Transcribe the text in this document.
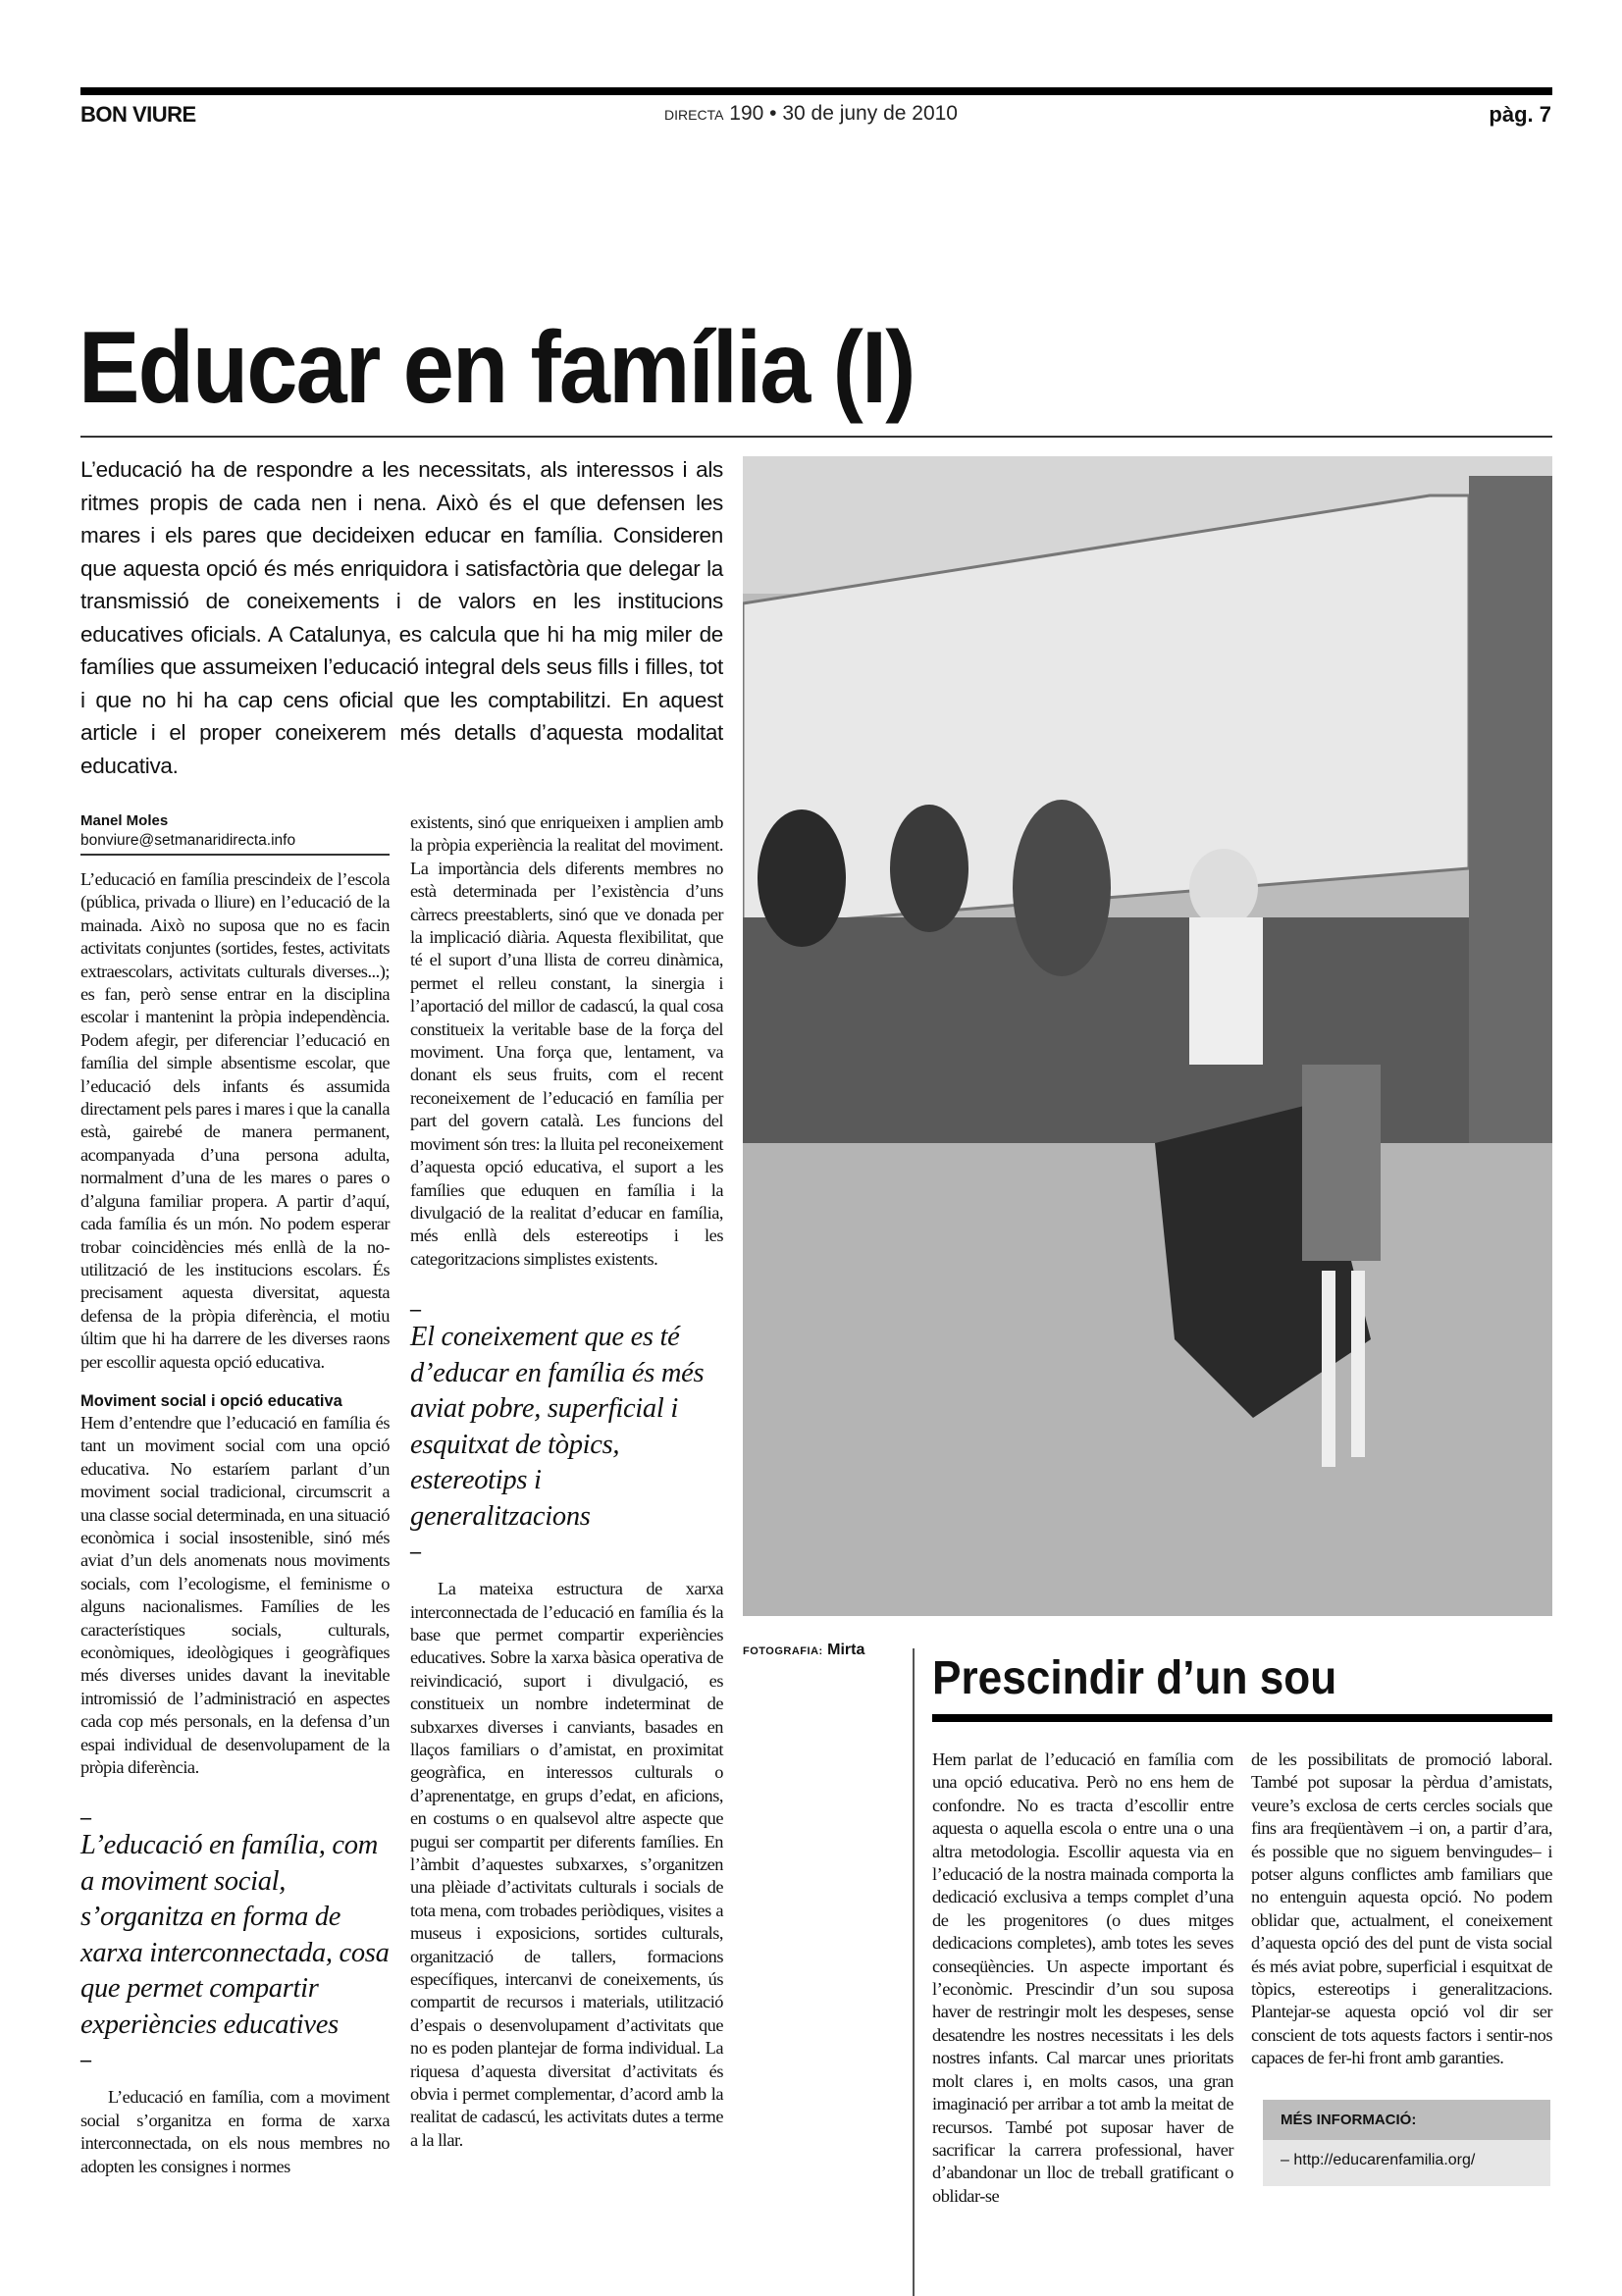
BON VIURE	DIRECTA 190 • 30 de juny de 2010	pàg. 7
Educar en família (I)
L’educació ha de respondre a les necessitats, als interessos i als ritmes propis de cada nen i nena. Això és el que defensen les mares i els pares que decideixen educar en família. Consideren que aquesta opció és més enriquidora i satisfactòria que delegar la transmissió de coneixements i de valors en les institucions educatives oficials. A Catalunya, es calcula que hi ha mig miler de famílies que assumeixen l’educació integral dels seus fills i filles, tot i que no hi ha cap cens oficial que les comptabilitzi. En aquest article i el proper coneixerem més detalls d’aquesta modalitat educativa.
Manel Moles
bonviure@setmanaridirecta.info
L’educació en família prescindeix de l’escola (pública, privada o lliure) en l’educació de la mainada. Això no suposa que no es facin activitats conjuntes (sortides, festes, activitats extraescolars, activitats culturals diverses...); es fan, però sense entrar en la disciplina escolar i mantenint la pròpia independència. Podem afegir, per diferenciar l’educació en família del simple absentisme escolar, que l’educació dels infants és assumida directament pels pares i mares i que la canalla està, gairebé de manera permanent, acompanyada d’una persona adulta, normalment d’una de les mares o pares o d’alguna familiar propera. A partir d’aquí, cada família és un món. No podem esperar trobar coincidències més enllà de la no-utilització de les institucions escolars. És precisament aquesta diversitat, aquesta defensa de la pròpia diferència, el motiu últim que hi ha darrere de les diverses raons per escollir aquesta opció educativa.
Moviment social i opció educativa
Hem d’entendre que l’educació en família és tant un moviment social com una opció educativa. No estaríem parlant d’un moviment social tradicional, circumscrit a una classe social determinada, en una situació econòmica i social insostenible, sinó més aviat d’un dels anomenats nous moviments socials, com l’ecologisme, el feminisme o alguns nacionalismes. Famílies de les característiques socials, culturals, econòmiques, ideològiques i geogràfiques més diverses unides davant la inevitable intromissió de l’administració en aspectes cada cop més personals, en la defensa d’un espai individual de desenvolupament de la pròpia diferència.
–
L’educació en família, com a moviment social, s’organitza en forma de xarxa interconnectada, cosa que permet compartir experiències educatives
–
L’educació en família, com a moviment social s’organitza en forma de xarxa interconnectada, on els nous membres no adopten les consignes i normes
existents, sinó que enriqueixen i amplien amb la pròpia experiència la realitat del moviment. La importància dels diferents membres no està determinada per l’existència d’uns càrrecs preestablerts, sinó que ve donada per la implicació diària. Aquesta flexibilitat, que té el suport d’una llista de correu dinàmica, permet el relleu constant, la sinergia i l’aportació del millor de cadascú, la qual cosa constitueix la veritable base de la força del moviment. Una força que, lentament, va donant els seus fruits, com el recent reconeixement de l’educació en família per part del govern català. Les funcions del moviment són tres: la lluita pel reconeixement d’aquesta opció educativa, el suport a les famílies que eduquen en família i la divulgació de la realitat d’educar en família, més enllà dels estereotips i les categoritzacions simplistes existents.
–
El coneixement que es té d’educar en família és més aviat pobre, superficial i esquitxat de tòpics, estereotips i generalitzacions
–
La mateixa estructura de xarxa interconnectada de l’educació en família és la base que permet compartir experiències educatives. Sobre la xarxa bàsica operativa de reivindicació, suport i divulgació, es constitueix un nombre indeterminat de subxarxes diverses i canviants, basades en llaços familiars o d’amistat, en proximitat geogràfica, en interessos culturals o d’aprenentatge, en grups d’edat, en aficions, en costums o en qualsevol altre aspecte que pugui ser compartit per diferents famílies. En l’àmbit d’aquestes subxarxes, s’organitzen una plèiade d’activitats culturals i socials de tota mena, com trobades periòdiques, visites a museus i exposicions, sortides culturals, organització de tallers, formacions específiques, intercanvi de coneixements, ús compartit de recursos i materials, utilització d’espais o desenvolupament d’activitats que no es poden plantejar de forma individual. La riquesa d’aquesta diversitat d’activitats és obvia i permet complementar, d’acord amb la realitat de cadascú, les activitats dutes a terme a la llar.
FOTOGRAFIA: Mirta
Prescindir d’un sou
Hem parlat de l’educació en família com una opció educativa. Però no ens hem de confondre. No es tracta d’escollir entre aquesta o aquella escola o entre una o una altra metodologia. Escollir aquesta via en l’educació de la nostra mainada comporta la dedicació exclusiva a temps complet d’una de les progenitores (o dues mitges dedicacions completes), amb totes les seves conseqüències. Un aspecte important és l’econòmic. Prescindir d’un sou suposa haver de restringir molt les despeses, sense desatendre les nostres necessitats i les dels nostres infants. Cal marcar unes prioritats molt clares i, en molts casos, una gran imaginació per arribar a tot amb la meitat de recursos. També pot suposar haver de sacrificar la carrera professional, haver d’abandonar un lloc de treball gratificant o oblidar-se
de les possibilitats de promoció laboral. També pot suposar la pèrdua d’amistats, veure’s exclosa de certs cercles socials que fins ara freqüentàvem –i on, a partir d’ara, és possible que no siguem benvingudes– i potser alguns conflictes amb familiars que no entenguin aquesta opció. No podem oblidar que, actualment, el coneixement d’aquesta opció des del punt de vista social és més aviat pobre, superficial i esquitxat de tòpics, estereotips i generalitzacions. Plantejar-se aquesta opció vol dir ser conscient de tots aquests factors i sentir-nos capaces de fer-hi front amb garanties.
MÉS INFORMACIÓ:
– http://educarenfamilia.org/
